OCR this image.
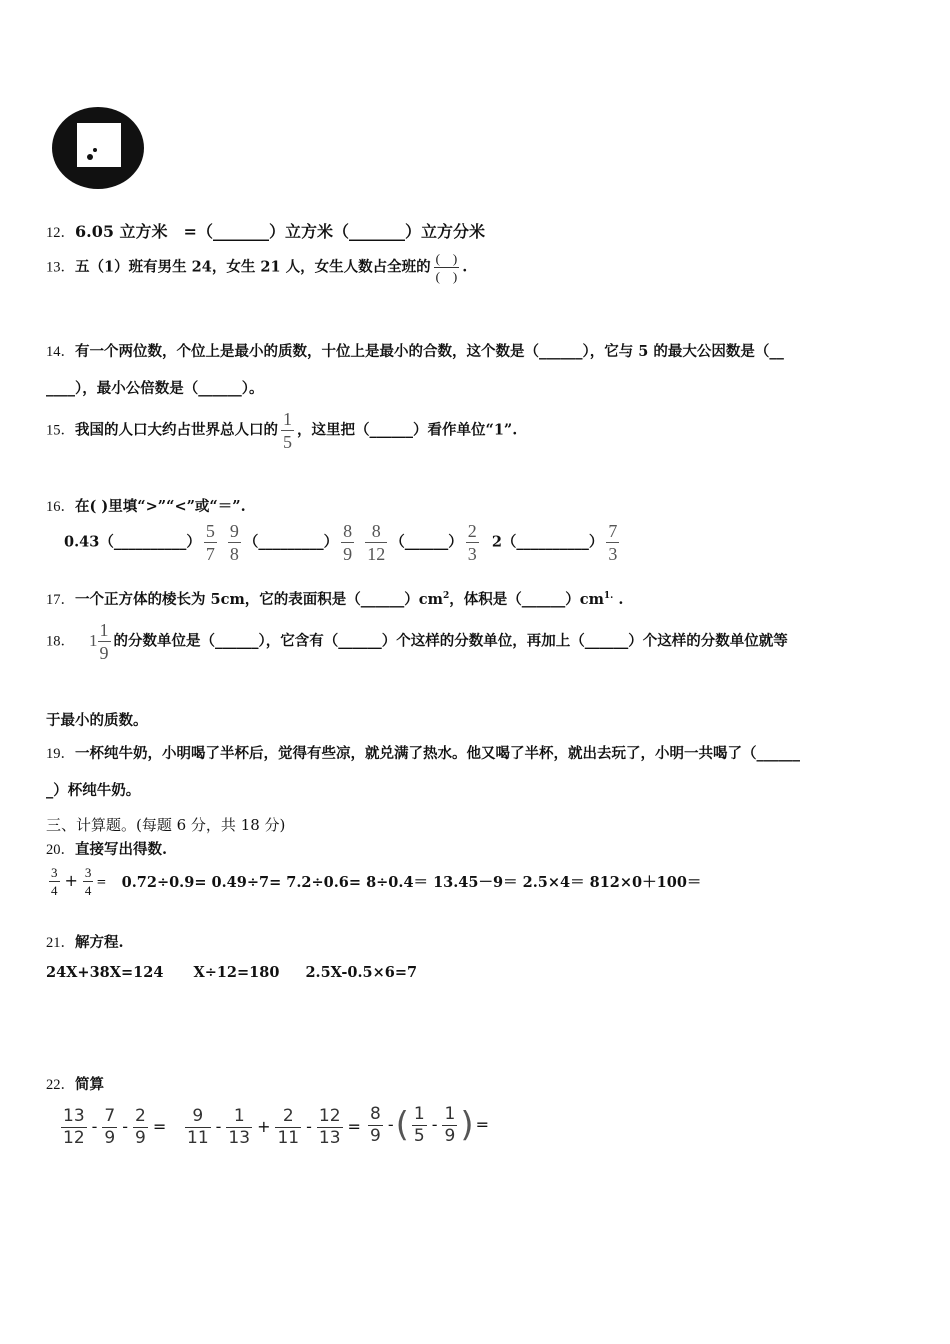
12．6.05 立方米　=（_______）立方米（_______）立方分米
13．五（1）班有男生 24，女生 21 人，女生人数占全班的 $\frac{( )}{( )}$ .
14．有一个两位数，个位上是最小的质数，十位上是最小的合数，这个数是（______），它与 5 的最大公因数是（__
____），最小公倍数是（______）。
15．我国的人口大约占世界总人口的 $\frac{1}{5}$ ，这里把（______）看作单位“1”.
16．在( )里填“>”“<”或“＝”.
0.43（__________） $\frac{5}{7}$
$\frac{9}{8}$ （_________） $\frac{8}{9}$
$\frac{8}{12}$ （______） $\frac{2}{3}$ 2（__________） $\frac{7}{3}$
17．一个正方体的棱长为 5cm，它的表面积是$(\_\_\_\_\_\_)cm^2$，体积是$(\_\_\_\_\_\_)cm^{1.}$ .
18． $1 \frac{1}{9}$ 的分数单位是（______），它含有（______）个这样的分数单位，再加上（______）个这样的分数单位就等
于最小的质数。
19．一杯纯牛奶，小明喝了半杯后，觉得有些凉，就兑满了热水。他又喝了半杯，就出去玩了，小明一共喝了（______
_）杯纯牛奶。
三、计算题。(每题 6 分，共 18 分)
20．直接写出得数.
$\frac{3}{4} + \frac{3}{4} = 0.72\div 0.9= 0.49\div 7= 7.2\div 0.6= 8\div 0.4= 13.45-9= 2.5\times 4= 812\times 0+100=$
21．解方程.
24X+38X=124 X÷12=180 2.5X-0.5×6=7
22．简算
$\frac{13}{12} - \frac{7}{9} - \frac{2}{9} = \frac{9}{11} - \frac{1}{13} + \frac{2}{11} - \frac{12}{13} = \frac{8}{9}$ -( $\frac{1}{5} - \frac{1}{9}$ ) =
